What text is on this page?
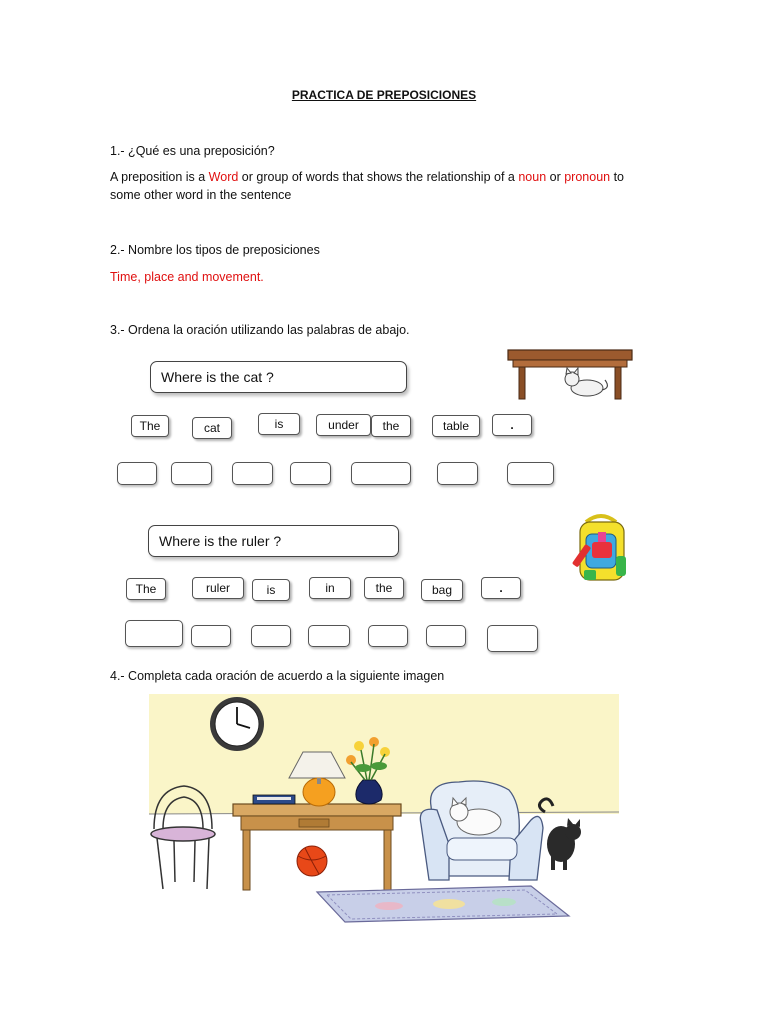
PRACTICA DE PREPOSICIONES
1.- ¿Qué es una preposición?
A preposition is a Word or group of words that shows the relationship of a noun or pronoun to
some other word in the sentence
2.- Nombre los tipos de preposiciones
Time, place and movement.
3.- Ordena la oración utilizando las palabras de abajo.
Where is the cat ?
The	cat	is	under	the	table	.
Where is the ruler ?
The	ruler	is	in	the	bag	.
4.- Completa cada oración de acuerdo a la siguiente imagen
